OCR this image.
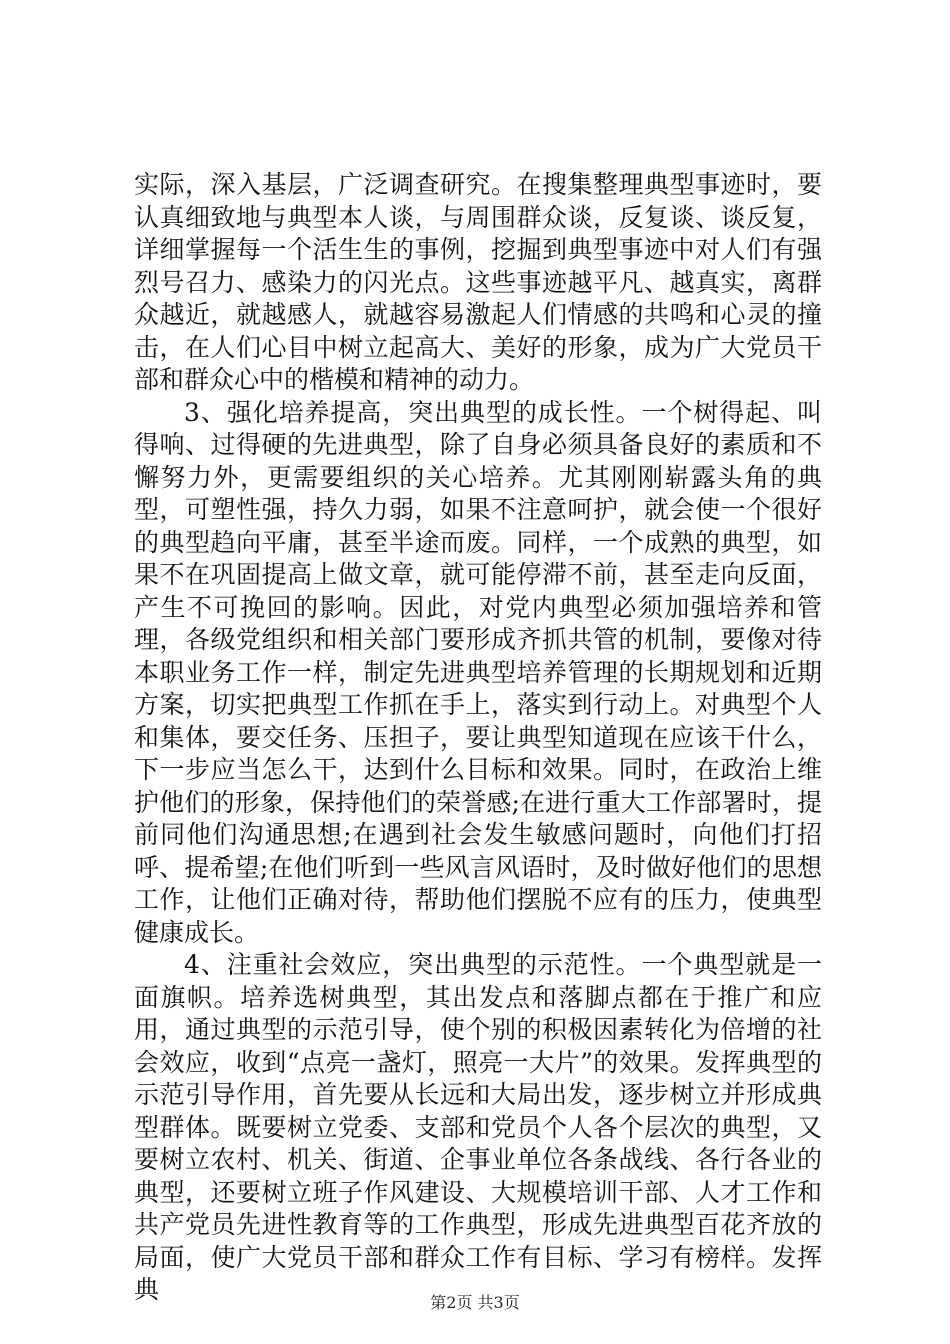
实际，深入基层，广泛调查研究。在搜集整理典型事迹时，要认真细致地与典型本人谈，与周围群众谈，反复谈、谈反复，详细掌握每一个活生生的事例，挖掘到典型事迹中对人们有强烈号召力、感染力的闪光点。这些事迹越平凡、越真实，离群众越近，就越感人，就越容易激起人们情感的共鸣和心灵的撞击，在人们心目中树立起高大、美好的形象，成为广大党员干部和群众心中的楷模和精神的动力。

3、强化培养提高，突出典型的成长性。一个树得起、叫得响、过得硬的先进典型，除了自身必须具备良好的素质和不懈努力外，更需要组织的关心培养。尤其刚刚崭露头角的典型，可塑性强，持久力弱，如果不注意呵护，就会使一个很好的典型趋向平庸，甚至半途而废。同样，一个成熟的典型，如果不在巩固提高上做文章，就可能停滞不前，甚至走向反面，产生不可挽回的影响。因此，对党内典型必须加强培养和管理，各级党组织和相关部门要形成齐抓共管的机制，要像对待本职业务工作一样，制定先进典型培养管理的长期规划和近期方案，切实把典型工作抓在手上，落实到行动上。对典型个人和集体，要交任务、压担子，要让典型知道现在应该干什么，下一步应当怎么干，达到什么目标和效果。同时，在政治上维护他们的形象，保持他们的荣誉感;在进行重大工作部署时，提前同他们沟通思想;在遇到社会发生敏感问题时，向他们打招呼、提希望;在他们听到一些风言风语时，及时做好他们的思想工作，让他们正确对待，帮助他们摆脱不应有的压力，使典型健康成长。

4、注重社会效应，突出典型的示范性。一个典型就是一面旗帜。培养选树典型，其出发点和落脚点都在于推广和应用，通过典型的示范引导，使个别的积极因素转化为倍增的社会效应，收到“点亮一盏灯，照亮一大片”的效果。发挥典型的示范引导作用，首先要从长远和大局出发，逐步树立并形成典型群体。既要树立党委、支部和党员个人各个层次的典型，又要树立农村、机关、街道、企事业单位各条战线、各行各业的典型，还要树立班子作风建设、大规模培训干部、人才工作和共产党员先进性教育等的工作典型，形成先进典型百花齐放的局面，使广大党员干部和群众工作有目标、学习有榜样。发挥典	第2页 共3页
